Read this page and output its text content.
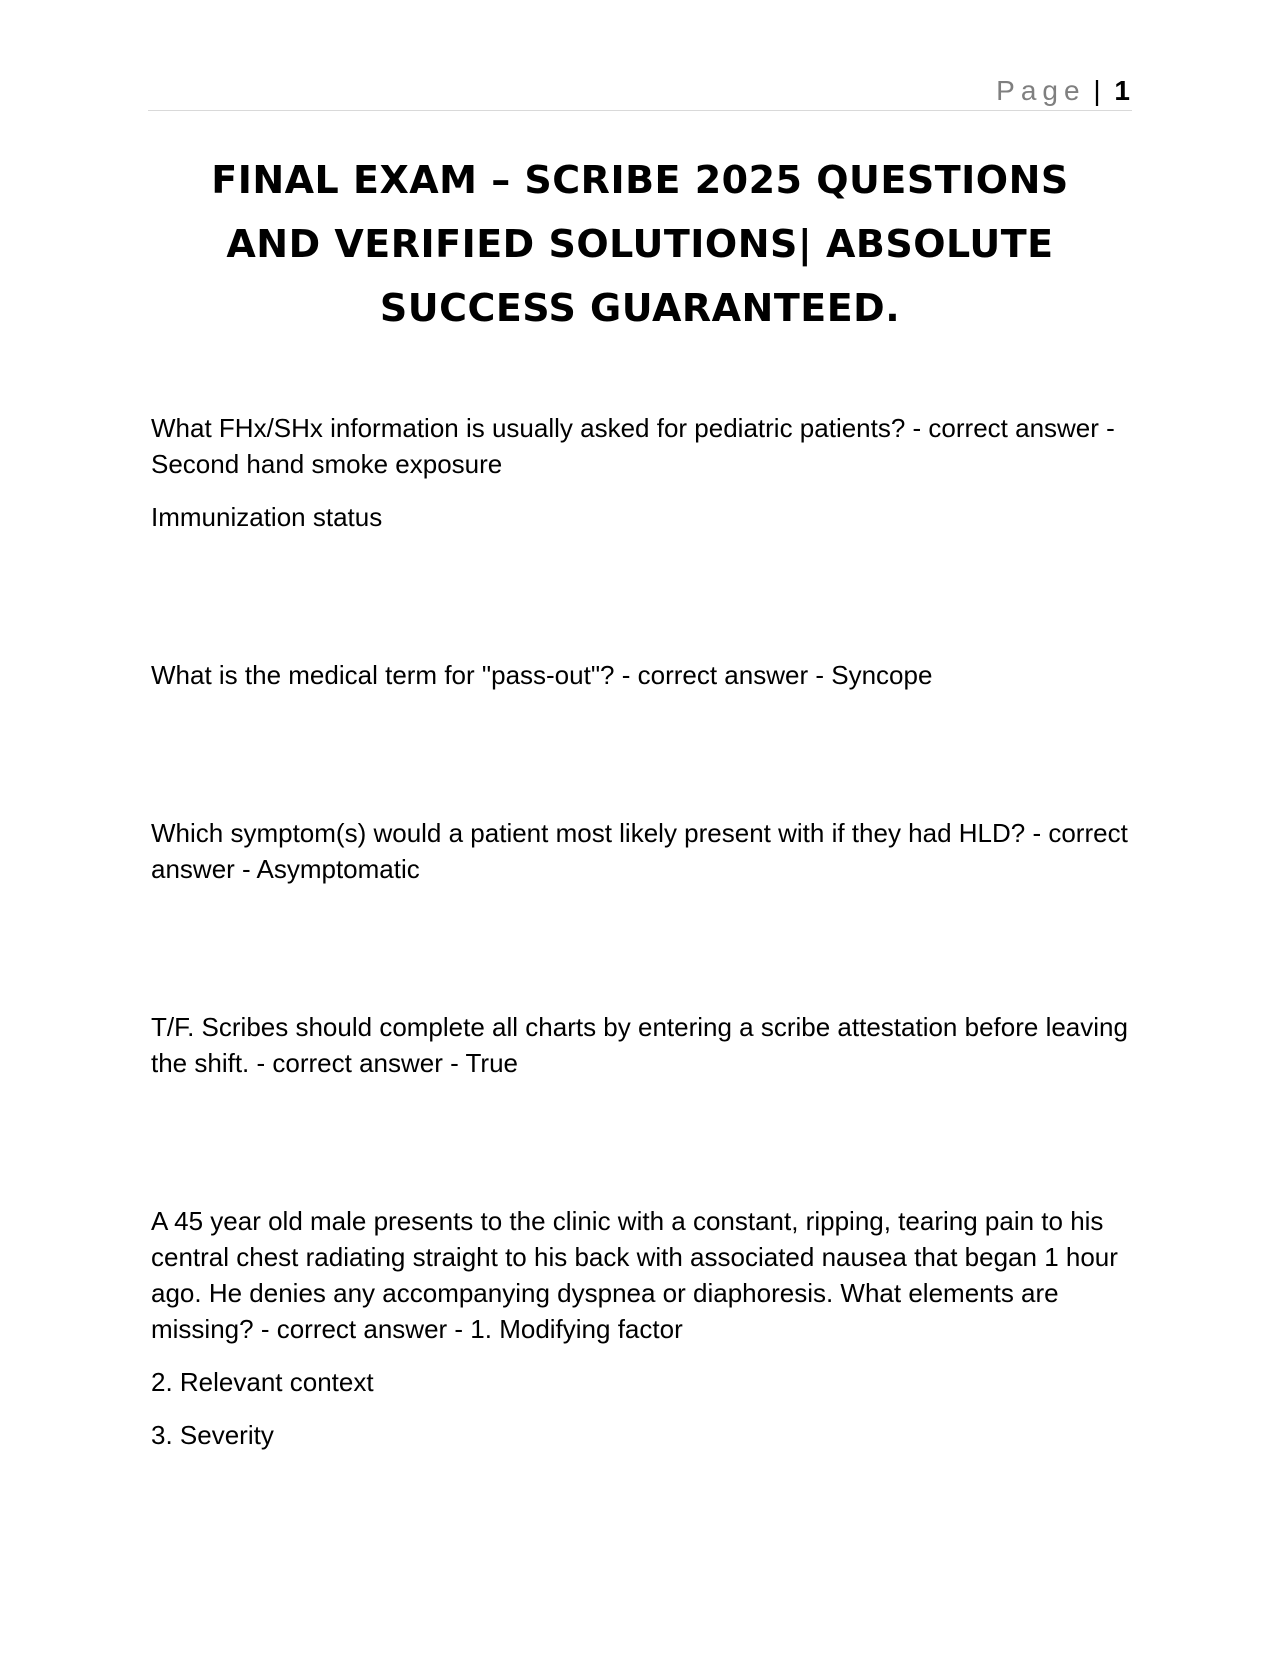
Page | 1
FINAL EXAM – SCRIBE 2025 QUESTIONS
AND VERIFIED SOLUTIONS| ABSOLUTE
SUCCESS GUARANTEED.

What FHx/SHx information is usually asked for pediatric patients? - correct answer - Second hand smoke exposure

Immunization status

What is the medical term for "pass-out"? - correct answer - Syncope

Which symptom(s) would a patient most likely present with if they had HLD? - correct answer - Asymptomatic

T/F. Scribes should complete all charts by entering a scribe attestation before leaving the shift. - correct answer - True

A 45 year old male presents to the clinic with a constant, ripping, tearing pain to his central chest radiating straight to his back with associated nausea that began 1 hour ago. He denies any accompanying dyspnea or diaphoresis. What elements are missing? - correct answer - 1. Modifying factor

2. Relevant context

3. Severity
